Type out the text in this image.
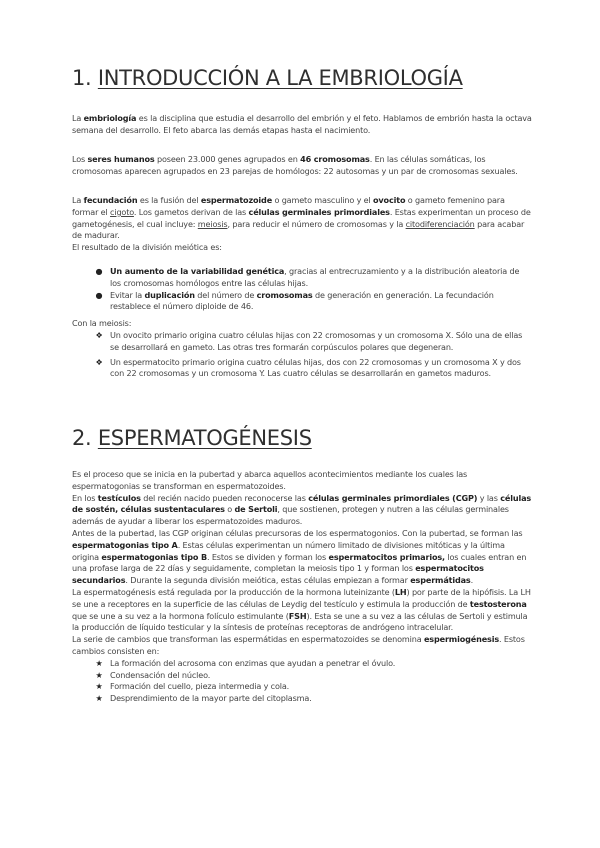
1. INTRODUCCIÓN A LA EMBRIOLOGÍA

La embriología es la disciplina que estudia el desarrollo del embrión y el feto. Hablamos de embrión hasta la octava semana del desarrollo. El feto abarca las demás etapas hasta el nacimiento.

Los seres humanos poseen 23.000 genes agrupados en 46 cromosomas. En las células somáticas, los cromosomas aparecen agrupados en 23 parejas de homólogos: 22 autosomas y un par de cromosomas sexuales.

La fecundación es la fusión del espermatozoide o gameto masculino y el ovocito o gameto femenino para formar el cigoto. Los gametos derivan de las células germinales primordiales. Estas experimentan un proceso de gametogénesis, el cual incluye: meiosis, para reducir el número de cromosomas y la citodiferenciación para acabar de madurar.

El resultado de la división meiótica es:

● Un aumento de la variabilidad genética, gracias al entrecruzamiento y a la distribución aleatoria de los cromosomas homólogos entre las células hijas.
● Evitar la duplicación del número de cromosomas de generación en generación. La fecundación restablece el número diploide de 46.

Con la meiosis:

❖ Un ovocito primario origina cuatro células hijas con 22 cromosomas y un cromosoma X. Sólo una de ellas se desarrollará en gameto. Las otras tres formarán corpúsculos polares que degeneran.
❖ Un espermatocito primario origina cuatro células hijas, dos con 22 cromosomas y un cromosoma X y dos con 22 cromosomas y un cromosoma Y. Las cuatro células se desarrollarán en gametos maduros.
2. ESPERMATOGÉNESIS

Es el proceso que se inicia en la pubertad y abarca aquellos acontecimientos mediante los cuales las espermatogonias se transforman en espermatozoides.

En los testículos del recién nacido pueden reconocerse las células germinales primordiales (CGP) y las células de sostén, células sustentaculares o de Sertoli, que sostienen, protegen y nutren a las células germinales además de ayudar a liberar los espermatozoides maduros.

Antes de la pubertad, las CGP originan células precursoras de los espermatogonios. Con la pubertad, se forman las espermatogonias tipo A. Estas células experimentan un número limitado de divisiones mitóticas y la última origina espermatogonias tipo B. Estos se dividen y forman los espermatocitos primarios, los cuales entran en una profase larga de 22 días y seguidamente, completan la meiosis tipo 1 y forman los espermatocitos secundarios. Durante la segunda división meiótica, estas células empiezan a formar espermátidas.

La espermatogénesis está regulada por la producción de la hormona luteinizante (LH) por parte de la hipófisis. La LH se une a receptores en la superficie de las células de Leydig del testículo y estimula la producción de testosterona que se une a su vez a la hormona folículo estimulante (FSH). Esta se une a su vez a las células de Sertoli y estimula la producción de líquido testicular y la síntesis de proteínas receptoras de andrógeno intracelular.

La serie de cambios que transforman las espermátidas en espermatozoides se denomina espermiogénesis. Estos cambios consisten en:

★ La formación del acrosoma con enzimas que ayudan a penetrar el óvulo.
★ Condensación del núcleo.
★ Formación del cuello, pieza intermedia y cola.
★ Desprendimiento de la mayor parte del citoplasma.
